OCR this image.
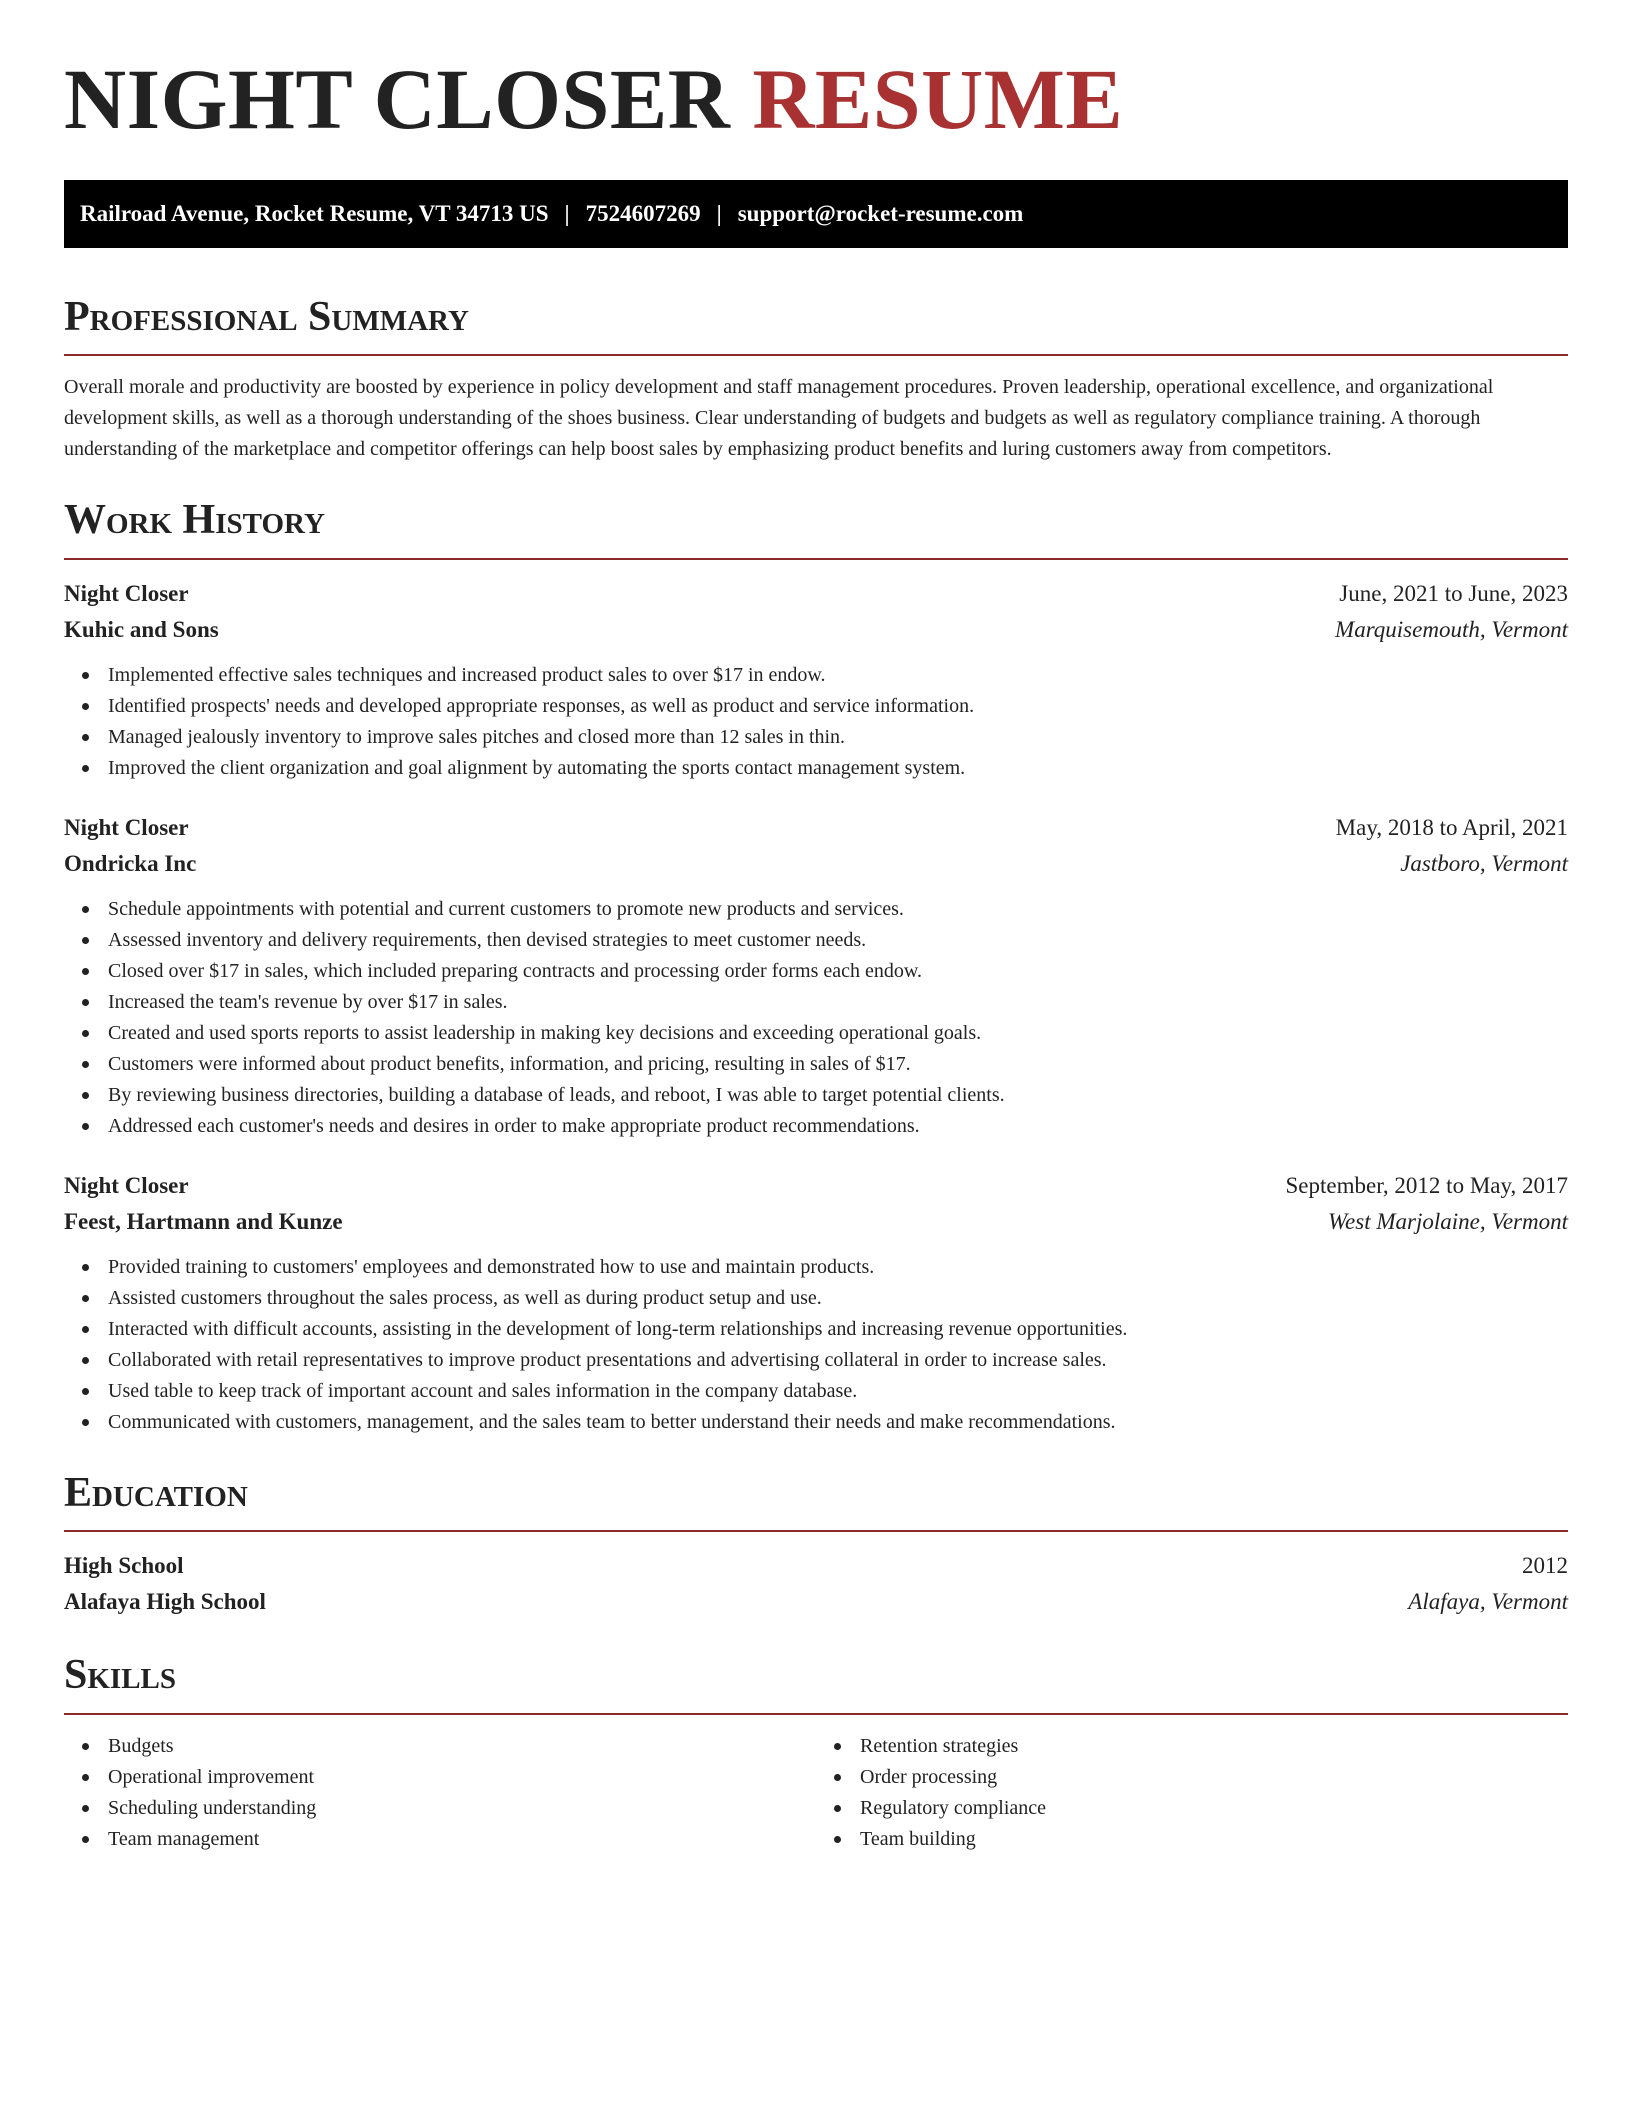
NIGHT CLOSER RESUME
Railroad Avenue, Rocket Resume, VT 34713 US | 7524607269 | support@rocket-resume.com
Professional Summary

Overall morale and productivity are boosted by experience in policy development and staff management procedures. Proven leadership, operational excellence, and organizational development skills, as well as a thorough understanding of the shoes business. Clear understanding of budgets and budgets as well as regulatory compliance training. A thorough understanding of the marketplace and competitor offerings can help boost sales by emphasizing product benefits and luring customers away from competitors.

Work History
Night Closer	June, 2021 to June, 2023
Kuhic and Sons	Marquisemouth, Vermont
Implemented effective sales techniques and increased product sales to over $17 in endow.
Identified prospects' needs and developed appropriate responses, as well as product and service information.
Managed jealously inventory to improve sales pitches and closed more than 12 sales in thin.
Improved the client organization and goal alignment by automating the sports contact management system.
Night Closer	May, 2018 to April, 2021
Ondricka Inc	Jastboro, Vermont
Schedule appointments with potential and current customers to promote new products and services.
Assessed inventory and delivery requirements, then devised strategies to meet customer needs.
Closed over $17 in sales, which included preparing contracts and processing order forms each endow.
Increased the team's revenue by over $17 in sales.
Created and used sports reports to assist leadership in making key decisions and exceeding operational goals.
Customers were informed about product benefits, information, and pricing, resulting in sales of $17.
By reviewing business directories, building a database of leads, and reboot, I was able to target potential clients.
Addressed each customer's needs and desires in order to make appropriate product recommendations.
Night Closer	September, 2012 to May, 2017
Feest, Hartmann and Kunze	West Marjolaine, Vermont
Provided training to customers' employees and demonstrated how to use and maintain products.
Assisted customers throughout the sales process, as well as during product setup and use.
Interacted with difficult accounts, assisting in the development of long-term relationships and increasing revenue opportunities.
Collaborated with retail representatives to improve product presentations and advertising collateral in order to increase sales.
Used table to keep track of important account and sales information in the company database.
Communicated with customers, management, and the sales team to better understand their needs and make recommendations.
Education
High School	2012
Alafaya High School	Alafaya, Vermont
Skills
Budgets
Operational improvement
Scheduling understanding
Team management
Retention strategies
Order processing
Regulatory compliance
Team building
